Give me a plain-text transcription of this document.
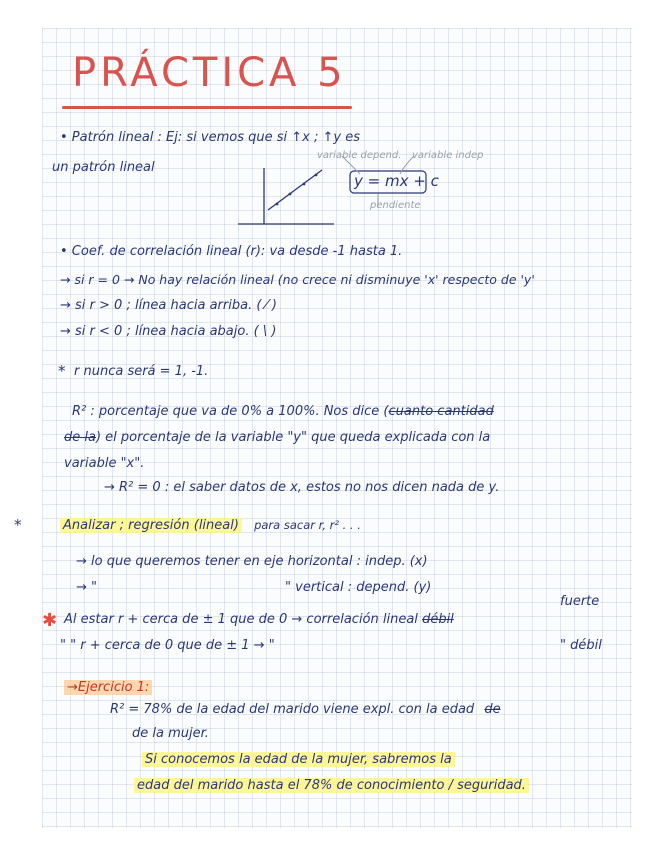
PRÁCTICA 5
• Patrón lineal : Ej: si vemos que si ↑x ; ↑y es
un patrón lineal
variable depend. variable indep
y = mx + c
pendiente
• Coef. de correlación lineal (r): va desde -1 hasta 1.
→ si r = 0 → No hay relación lineal (no crece ni disminuye 'x' respecto de 'y'
→ si r > 0 ; línea hacia arriba. ( ⁄ )
→ si r < 0 ; línea hacia abajo. ( \ )
* r nunca será = 1, -1.
R² : porcentaje que va de 0% a 100%. Nos dice (cuanto cantidad
de la) el porcentaje de la variable "y" que queda explicada con la
variable "x".
→ R² = 0 : el saber datos de x, estos no nos dicen nada de y.
*	Analizar ; regresión (lineal) para sacar r, r² . . .
→ lo que queremos tener en eje horizontal : indep. (x)
→ "	" vertical : depend. (y)
fuerte
✱ Al estar r + cerca de ± 1 que de 0 → correlación lineal débil
" " r + cerca de 0 que de ± 1 → "	" débil
→Ejercicio 1:
R² = 78% de la edad del marido viene expl. con la edad de
de la mujer.
Si conocemos la edad de la mujer, sabremos la
edad del marido hasta el 78% de conocimiento / seguridad.
